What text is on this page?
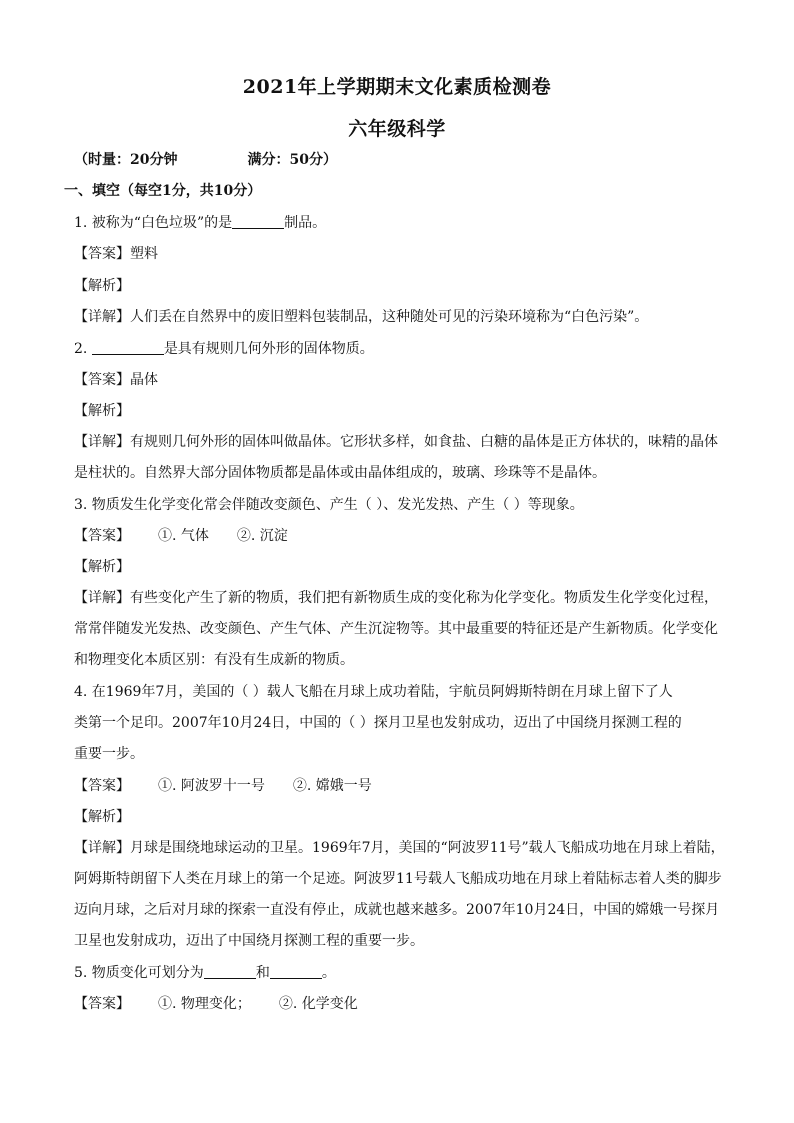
2021年上学期期末文化素质检测卷
六年级科学
（时量：20分钟	满分：50分）
一、填空（每空1分，共10分）
1. 被称为“白色垃圾”的是	制品。
【答案】塑料
【解析】
【详解】人们丢在自然界中的废旧塑料包装制品，这种随处可见的污染环境称为“白色污染”。
2.	是具有规则几何外形的固体物质。
【答案】晶体
【解析】
【详解】有规则几何外形的固体叫做晶体。它形状多样，如食盐、白糖的晶体是正方体状的，味精的晶体
是柱状的。自然界大部分固体物质都是晶体或由晶体组成的，玻璃、珍珠等不是晶体。
3. 物质发生化学变化常会伴随改变颜色、产生（ ）、发光发热、产生（ ）等现象。
【答案】 ①. 气体 ②. 沉淀
【解析】
【详解】有些变化产生了新的物质，我们把有新物质生成的变化称为化学变化。物质发生化学变化过程，
常常伴随发光发热、改变颜色、产生气体、产生沉淀物等。其中最重要的特征还是产生新物质。化学变化
和物理变化本质区别：有没有生成新的物质。
4. 在1969年7月，美国的（ ）载人飞船在月球上成功着陆，宇航员阿姆斯特朗在月球上留下了人
类第一个足印。2007年10月24日，中国的（ ）探月卫星也发射成功，迈出了中国绕月探测工程的
重要一步。
【答案】 ①. 阿波罗十一号 ②. 嫦娥一号
【解析】
【详解】月球是围绕地球运动的卫星。1969年7月，美国的“阿波罗11号”载人飞船成功地在月球上着陆，
阿姆斯特朗留下人类在月球上的第一个足迹。阿波罗11号载人飞船成功地在月球上着陆标志着人类的脚步
迈向月球，之后对月球的探索一直没有停止，成就也越来越多。2007年10月24日，中国的嫦娥一号探月
卫星也发射成功，迈出了中国绕月探测工程的重要一步。
5. 物质变化可划分为	和	。
【答案】 ①. 物理变化； ②. 化学变化
